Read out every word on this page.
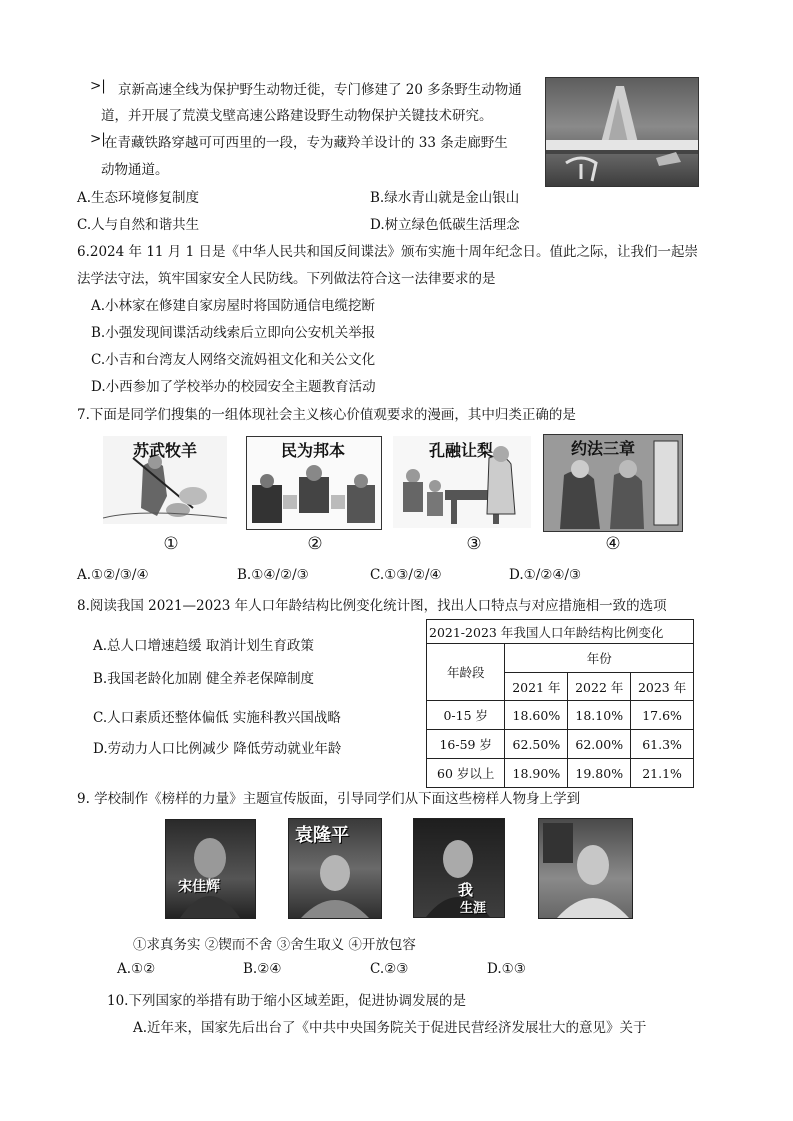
>| 京新高速全线为保护野生动物迁徙，专门修建了 20 多条野生动物通
道，并开展了荒漠戈壁高速公路建设野生动物保护关键技术研究。
>|
在青藏铁路穿越可可西里的一段，专为藏羚羊设计的 33 条走廊野生
动物通道。
A.生态环境修复制度	B.绿水青山就是金山银山
C.人与自然和谐共生	D.树立绿色低碳生活理念
6.2024 年 11 月 1 日是《中华人民共和国反间谍法》颁布实施十周年纪念日。值此之际，让我们一起崇
法学法守法，筑牢国家安全人民防线。下列做法符合这一法律要求的是
A.小林家在修建自家房屋时将国防通信电缆挖断
B.小强发现间谍活动线索后立即向公安机关举报
C.小吉和台湾友人网络交流妈祖文化和关公文化
D.小西参加了学校举办的校园安全主题教育活动
7.下面是同学们搜集的一组体现社会主义核心价值观要求的漫画，其中归类正确的是
苏武牧羊	民为邦本	孔融让梨	约法三章
①	②	③	④
A.①②/③/④	B.①④/②/③	C.①③/②/④	D.①/②④/③
8.阅读我国 2021—2023 年人口年龄结构比例变化统计图，找出人口特点与对应措施相一致的选项
A.总人口增速趋缓 取消计划生育政策
B.我国老龄化加剧 健全养老保障制度
C.人口素质还整体偏低 实施科教兴国战略
D.劳动力人口比例减少 降低劳动就业年龄
2021-2023 年我国人口年龄结构比例变化			
年龄段	年份		
	2021 年	2022 年	2023 年
0-15 岁	18.60%	18.10%	17.6%
16-59 岁	62.50%	62.00%	61.3%
60 岁以上	18.90%	19.80%	21.1%
9. 学校制作《榜样的力量》主题宣传版面，引导同学们从下面这些榜样人物身上学到
宋佳辉
袁隆平
我
生涯
①求真务实 ②锲而不舍 ③舍生取义 ④开放包容
A.①②	B.②④	C.②③	D.①③
10.下列国家的举措有助于缩小区域差距，促进协调发展的是
A.近年来，国家先后出台了《中共中央国务院关于促进民营经济发展壮大的意见》关于
